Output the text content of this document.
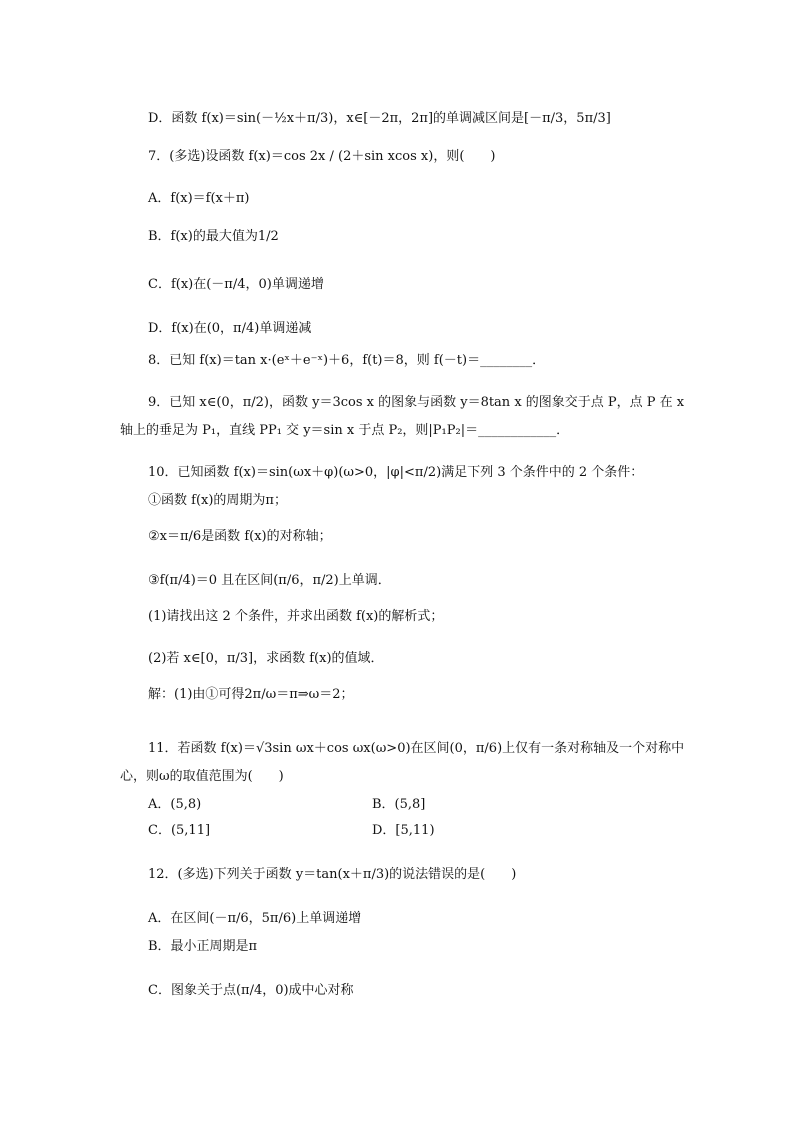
D．函数 f(x)＝sin(－½x＋π/3)，x∈[－2π，2π]的单调减区间是[－π/3，5π/3]
7．(多选)设函数 f(x)＝cos 2x / (2＋sin xcos x)，则(　　)
A．f(x)＝f(x＋π)
B．f(x)的最大值为1/2
C．f(x)在(－π/4，0)单调递增
D．f(x)在(0，π/4)单调递减
8．已知 f(x)＝tan x·(eˣ＋e⁻ˣ)＋6，f(t)＝8，则 f(－t)＝________．
9．已知 x∈(0，π/2)，函数 y＝3cos x 的图象与函数 y＝8tan x 的图象交于点 P，点 P 在 x
轴上的垂足为 P₁，直线 PP₁ 交 y＝sin x 于点 P₂，则|P₁P₂|＝____________．
10．已知函数 f(x)＝sin(ωx＋φ)(ω>0，|φ|<π/2)满足下列 3 个条件中的 2 个条件：
①函数 f(x)的周期为π；
②x＝π/6是函数 f(x)的对称轴；
③f(π/4)＝0 且在区间(π/6，π/2)上单调．
(1)请找出这 2 个条件，并求出函数 f(x)的解析式；
(2)若 x∈[0，π/3]，求函数 f(x)的值域．
解：(1)由①可得2π/ω＝π⇒ω＝2；
11．若函数 f(x)＝√3sin ωx＋cos ωx(ω>0)在区间(0，π/6)上仅有一条对称轴及一个对称中
心，则ω的取值范围为(　　)
A．(5,8)	B．(5,8]
C．(5,11]	D．[5,11)
12．(多选)下列关于函数 y＝tan(x＋π/3)的说法错误的是(　　)
A．在区间(－π/6，5π/6)上单调递增
B．最小正周期是π
C．图象关于点(π/4，0)成中心对称
